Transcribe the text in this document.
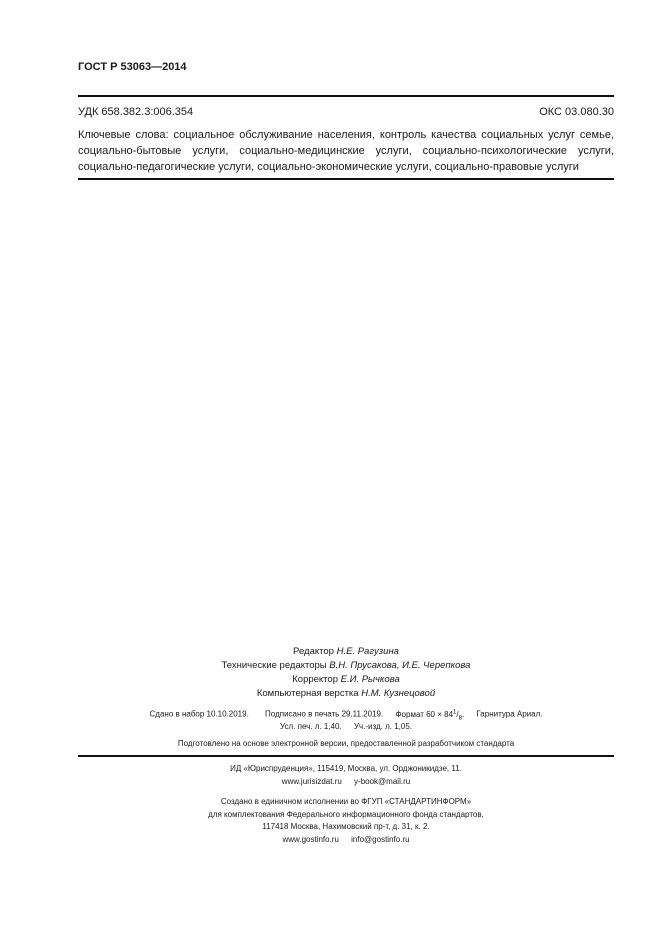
ГОСТ Р 53063—2014
УДК 658.382.3:006.354	ОКС 03.080.30
Ключевые слова: социальное обслуживание населения, контроль качества социальных услуг семье, социально-бытовые услуги, социально-медицинские услуги, социально-психологические услуги, социально-педагогические услуги, социально-экономические услуги, социально-правовые услуги
Редактор Н.Е. Рагузина
Технические редакторы В.Н. Прусакова, И.Е. Черепкова
Корректор Е.И. Рычкова
Компьютерная верстка Н.М. Кузнецовой
Сдано в набор 10.10.2019. Подписано в печать 29.11.2019. Формат $60 \times 84^1/_8$. Гарнитура Ариал.
Усл. печ. л. 1,40. Уч.-изд. л. 1,05.
Подготовлено на основе электронной версии, предоставленной разработчиком стандарта
ИД «Юриспруденция», 115419, Москва, ул. Орджоникидзе, 11.
www.jurisizdat.ru y-book@mail.ru
Создано в единичном исполнении во ФГУП «СТАНДАРТИНФОРМ»
для комплектования Федерального информационного фонда стандартов,
117418 Москва, Нахимовский пр-т, д. 31, к. 2.
www.gostinfo.ru info@gostinfo.ru
